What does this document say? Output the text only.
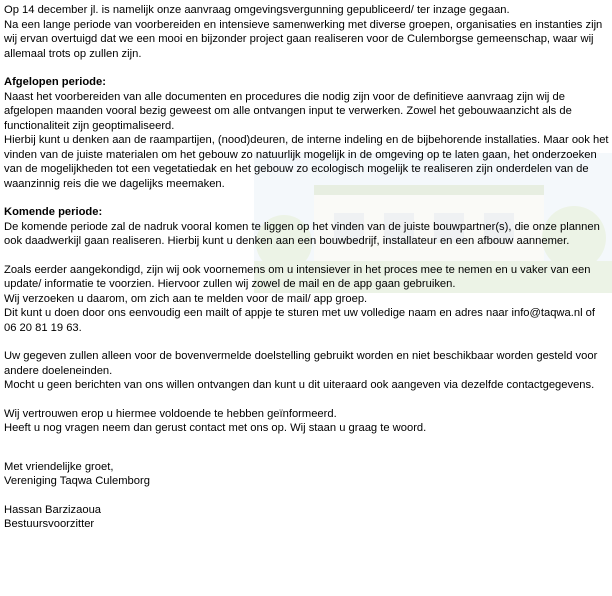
Op 14 december jl. is namelijk onze aanvraag omgevingsvergunning gepubliceerd/ ter inzage gegaan.

Na een lange periode van voorbereiden en intensieve samenwerking met diverse groepen, organisaties en instanties zijn wij ervan overtuigd dat we een mooi en bijzonder project gaan realiseren voor de Culemborgse gemeenschap, waar wij allemaal trots op zullen zijn.

Afgelopen periode:

Naast het voorbereiden van alle documenten en procedures die nodig zijn voor de definitieve aanvraag zijn wij de afgelopen maanden vooral bezig geweest om alle ontvangen input te verwerken. Zowel het gebouwaanzicht als de functionaliteit zijn geoptimaliseerd.

Hierbij kunt u denken aan de raampartijen, (nood)deuren, de interne indeling en de bijbehorende installaties. Maar ook het vinden van de juiste materialen om het gebouw zo natuurlijk mogelijk in de omgeving op te laten gaan, het onderzoeken van de mogelijkheden tot een vegetatiedak en het gebouw zo ecologisch mogelijk te realiseren zijn onderdelen van de waanzinnig reis die we dagelijks meemaken.

Komende periode:

De komende periode zal de nadruk vooral komen te liggen op het vinden van de juiste bouwpartner(s), die onze plannen ook daadwerkijl gaan realiseren. Hierbij kunt u denken aan een bouwbedrijf, installateur en een afbouw aannemer.

Zoals eerder aangekondigd, zijn wij ook voornemens om u intensiever in het proces mee te nemen en u vaker van een update/ informatie te voorzien. Hiervoor zullen wij zowel de mail en de app gaan gebruiken.

Wij verzoeken u daarom, om zich aan te melden voor de mail/ app groep.

Dit kunt u doen door ons eenvoudig een mailt of appje te sturen met uw volledige naam en adres naar info@taqwa.nl of 06 20 81 19 63.

Uw gegeven zullen alleen voor de bovenvermelde doelstelling gebruikt worden en niet beschikbaar worden gesteld voor andere doeleneinden.

Mocht u geen berichten van ons willen ontvangen dan kunt u dit uiteraard ook aangeven via dezelfde contactgegevens.

Wij vertrouwen erop u hiermee voldoende te hebben geïnformeerd.

Heeft u nog vragen neem dan gerust contact met ons op. Wij staan u graag te woord.

Met vriendelijke groet,

Vereniging Taqwa Culemborg

Hassan Barzizaoua

Bestuursvoorzitter
